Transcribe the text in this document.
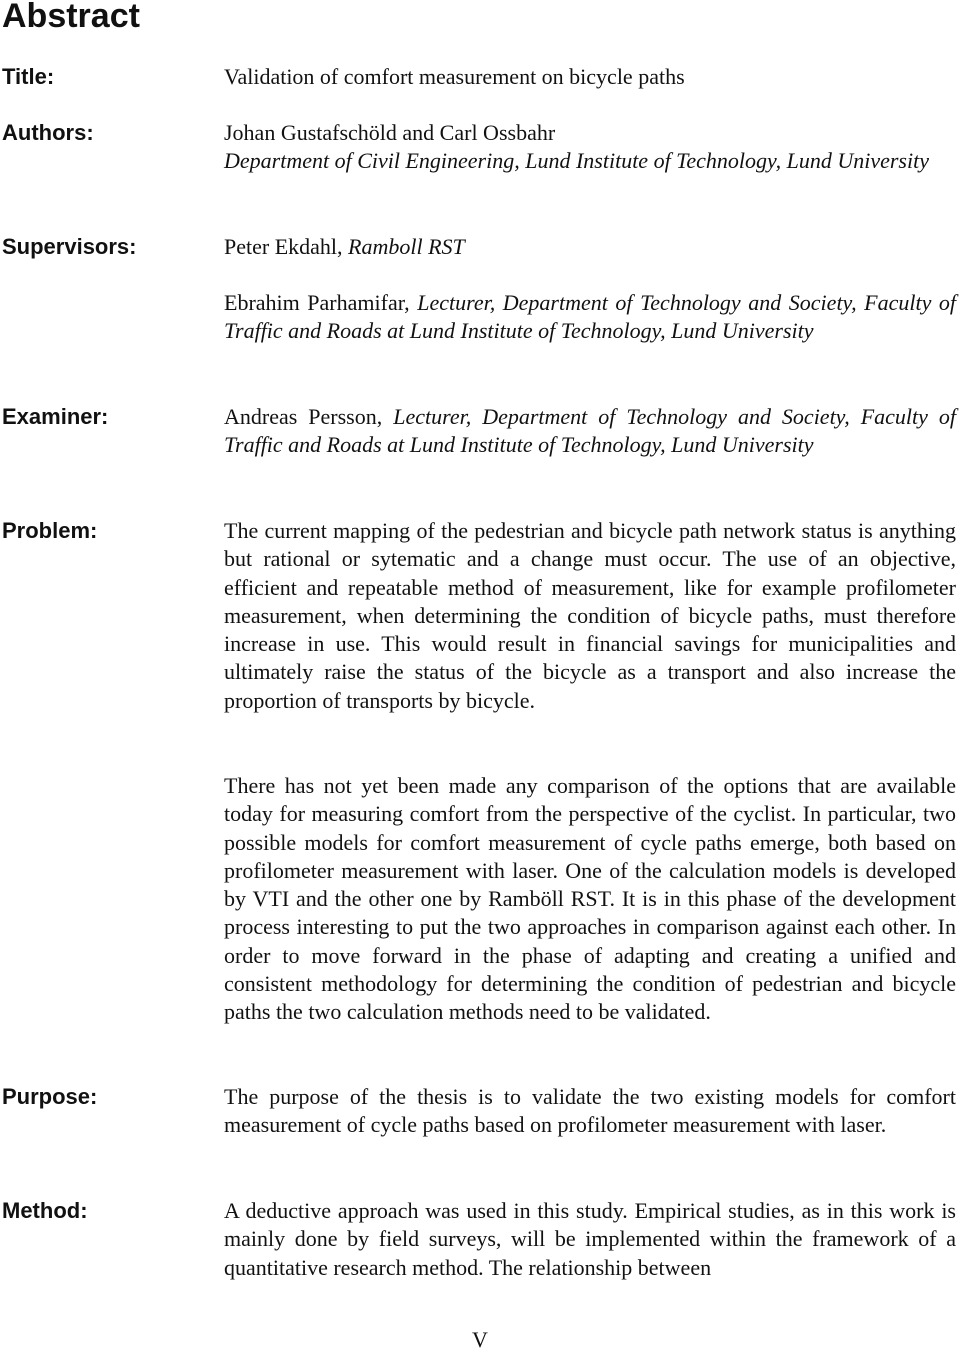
Abstract
Title:	Validation of comfort measurement on bicycle paths

Authors:	Johan Gustafschöld and Carl Ossbahr

Department of Civil Engineering, Lund Institute of Technology, Lund University

Supervisors:	Peter Ekdahl, Ramboll RST

Ebrahim Parhamifar, Lecturer, Department of Technology and Society, Faculty of Traffic and Roads at Lund Institute of Technology, Lund University

Examiner:	Andreas Persson, Lecturer, Department of Technology and Society, Faculty of Traffic and Roads at Lund Institute of Technology, Lund University

Problem:	The current mapping of the pedestrian and bicycle path network status is anything but rational or sytematic and a change must occur. The use of an objective, efficient and repeatable method of measurement, like for example profilometer measurement, when determining the condition of bicycle paths, must therefore increase in use. This would result in financial savings for municipalities and ultimately raise the status of the bicycle as a transport and also increase the proportion of transports by bicycle.

There has not yet been made any comparison of the options that are available today for measuring comfort from the perspective of the cyclist. In particular, two possible models for comfort measurement of cycle paths emerge, both based on profilometer measurement with laser. One of the calculation models is developed by VTI and the other one by Ramböll RST. It is in this phase of the development process interesting to put the two approaches in comparison against each other. In order to move forward in the phase of adapting and creating a unified and consistent methodology for determining the condition of pedestrian and bicycle paths the two calculation methods need to be validated.

Purpose:	The purpose of the thesis is to validate the two existing models for comfort measurement of cycle paths based on profilometer measurement with laser.

Method:	A deductive approach was used in this study. Empirical studies, as in this work is mainly done by field surveys, will be implemented within the framework of a quantitative research method. The relationship between

V
